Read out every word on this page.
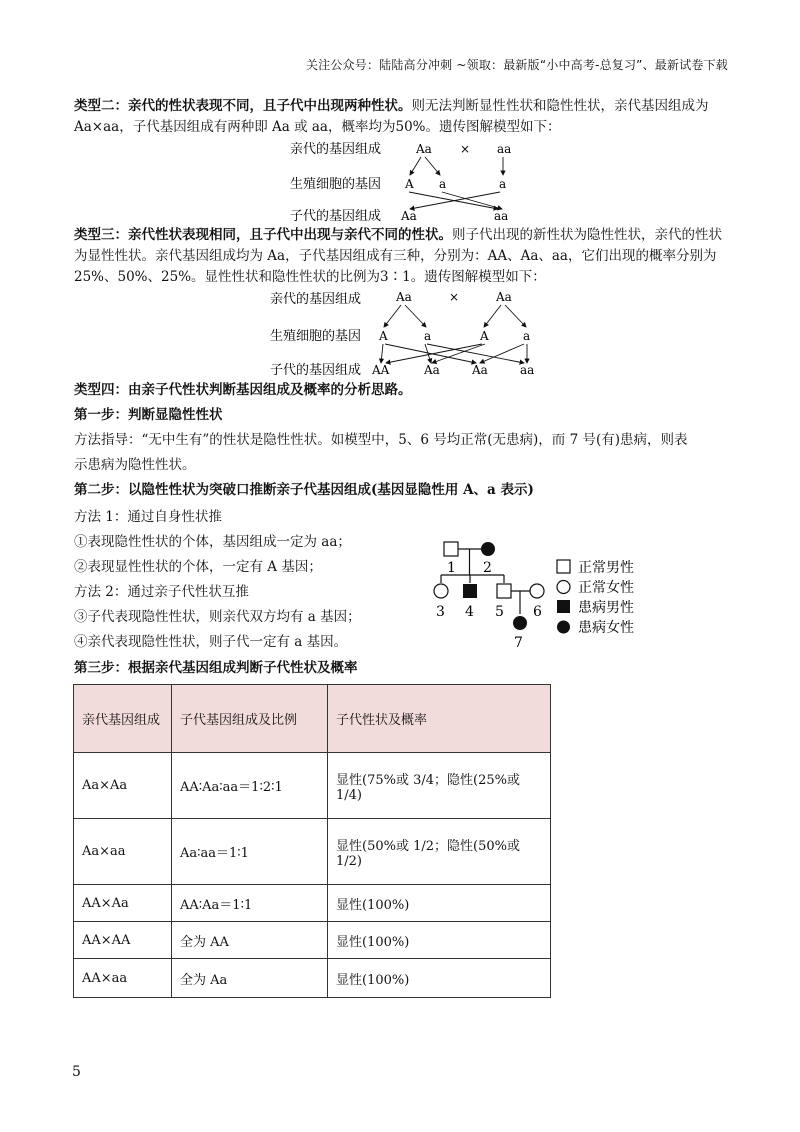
关注公众号：陆陆高分冲刺 ~领取：最新版“小中高考-总复习”、最新试卷下载
类型二：亲代的性状表现不同，且子代中出现两种性状。则无法判断显性性状和隐性性状，亲代基因组成为Aa×aa，子代基因组成有两种即 Aa 或 aa，概率均为50%。遗传图解模型如下：
亲代的基因组成
生殖细胞的基因
子代的基因组成
Aa × aa
A a	a
Aa	aa
类型三：亲代性状表现相同，且子代中出现与亲代不同的性状。则子代出现的新性状为隐性性状，亲代的性状为显性性状。亲代基因组成均为 Aa，子代基因组成有三种，分别为：AA、Aa、aa，它们出现的概率分别为25%、50%、25%。显性性状和隐性性状的比例为3∶1。遗传图解模型如下：
亲代的基因组成
生殖细胞的基因
子代的基因组成
Aa	×	Aa
A	a	A	a
AA	Aa	Aa	aa
类型四：由亲子代性状判断基因组成及概率的分析思路。
第一步：判断显隐性性状
方法指导：“无中生有”的性状是隐性性状。如模型中，5、6 号均正常(无患病)，而 7 号(有)患病，则表
示患病为隐性性状。
第二步：以隐性性状为突破口推断亲子代基因组成(基因显隐性用 A、a 表示)
方法 1：通过自身性状推
①表现隐性性状的个体，基因组成一定为 aa；
②表现显性性状的个体，一定有 A 基因；
方法 2：通过亲子代性状互推
③子代表现隐性性状，则亲代双方均有 a 基因；
④亲代表现隐性性状，则子代一定有 a 基因。
第三步：根据亲代基因组成判断子代性状及概率
1 2
3 4 5 6
7
正常男性
正常女性
患病男性
患病女性
亲代基因组成	子代基因组成及比例	子代性状及概率
Aa×Aa	AA∶Aa∶aa＝1∶2∶1	显性(75%或 3/4；隐性(25%或 1/4)
Aa×aa	Aa∶aa＝1∶1	显性(50%或 1/2；隐性(50%或 1/2)
AA×Aa	AA∶Aa＝1∶1	显性(100%)
AA×AA	全为 AA	显性(100%)
AA×aa	全为 Aa	显性(100%)
5
